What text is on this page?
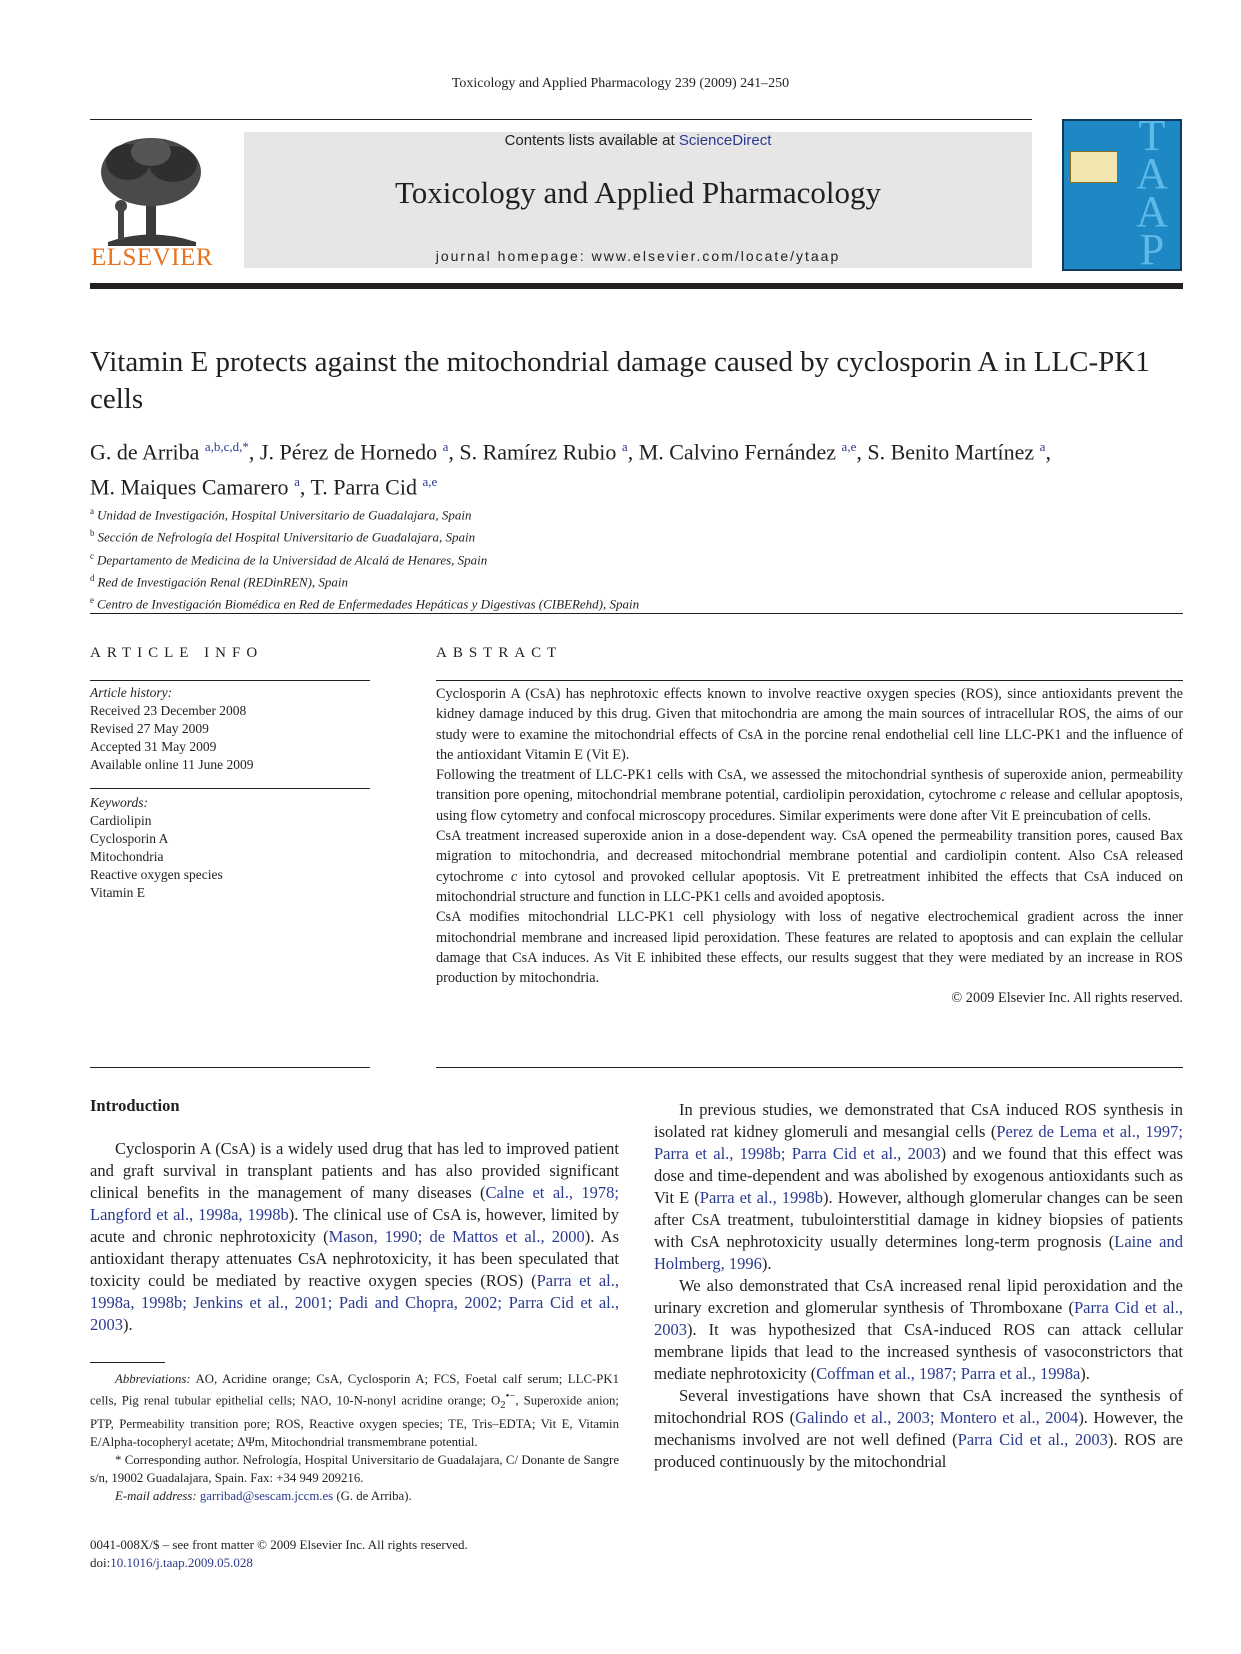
Toxicology and Applied Pharmacology 239 (2009) 241–250
ELSEVIER
Contents lists available at ScienceDirect
Toxicology and Applied Pharmacology
journal homepage: www.elsevier.com/locate/ytaap
TAAP
Vitamin E protects against the mitochondrial damage caused by cyclosporin A in LLC-PK1 cells
G. de Arriba $^{a,b,c,d,*}$, J. Pérez de Hornedo $^a$, S. Ramírez Rubio $^a$, M. Calvino Fernández $^{a,e}$, S. Benito Martínez $^a$,
M. Maiques Camarero $^a$, T. Parra Cid $^{a,e}$
$^a$ Unidad de Investigación, Hospital Universitario de Guadalajara, Spain
$^b$ Sección de Nefrología del Hospital Universitario de Guadalajara, Spain
$^c$ Departamento de Medicina de la Universidad de Alcalá de Henares, Spain
$^d$ Red de Investigación Renal (REDinREN), Spain
$^e$ Centro de Investigación Biomédica en Red de Enfermedades Hepáticas y Digestivas (CIBERehd), Spain
ARTICLE INFO	ABSTRACT
Article history:
Received 23 December 2008
Revised 27 May 2009
Accepted 31 May 2009
Available online 11 June 2009
Keywords:
Cardiolipin
Cyclosporin A
Mitochondria
Reactive oxygen species
Vitamin E

Cyclosporin A (CsA) has nephrotoxic effects known to involve reactive oxygen species (ROS), since antioxidants prevent the kidney damage induced by this drug. Given that mitochondria are among the main sources of intracellular ROS, the aims of our study were to examine the mitochondrial effects of CsA in the porcine renal endothelial cell line LLC-PK1 and the influence of the antioxidant Vitamin E (Vit E).

Following the treatment of LLC-PK1 cells with CsA, we assessed the mitochondrial synthesis of superoxide anion, permeability transition pore opening, mitochondrial membrane potential, cardiolipin peroxidation, cytochrome c release and cellular apoptosis, using flow cytometry and confocal microscopy procedures. Similar experiments were done after Vit E preincubation of cells.

CsA treatment increased superoxide anion in a dose-dependent way. CsA opened the permeability transition pores, caused Bax migration to mitochondria, and decreased mitochondrial membrane potential and cardiolipin content. Also CsA released cytochrome c into cytosol and provoked cellular apoptosis. Vit E pretreatment inhibited the effects that CsA induced on mitochondrial structure and function in LLC-PK1 cells and avoided apoptosis.

CsA modifies mitochondrial LLC-PK1 cell physiology with loss of negative electrochemical gradient across the inner mitochondrial membrane and increased lipid peroxidation. These features are related to apoptosis and can explain the cellular damage that CsA induces. As Vit E inhibited these effects, our results suggest that they were mediated by an increase in ROS production by mitochondria.

© 2009 Elsevier Inc. All rights reserved.

Introduction

Cyclosporin A (CsA) is a widely used drug that has led to improved patient and graft survival in transplant patients and has also provided significant clinical benefits in the management of many diseases (Calne et al., 1978; Langford et al., 1998a, 1998b). The clinical use of CsA is, however, limited by acute and chronic nephrotoxicity (Mason, 1990; de Mattos et al., 2000). As antioxidant therapy attenuates CsA nephrotoxicity, it has been speculated that toxicity could be mediated by reactive oxygen species (ROS) (Parra et al., 1998a, 1998b; Jenkins et al., 2001; Padi and Chopra, 2002; Parra Cid et al., 2003).

Abbreviations: AO, Acridine orange; CsA, Cyclosporin A; FCS, Foetal calf serum; LLC-PK1 cells, Pig renal tubular epithelial cells; NAO, 10-N-nonyl acridine orange; $O_2^{•-}$, Superoxide anion; PTP, Permeability transition pore; ROS, Reactive oxygen species; TE, Tris–EDTA; Vit E, Vitamin E/Alpha-tocopheryl acetate; ΔΨm, Mitochondrial transmembrane potential.

* Corresponding author. Nefrología, Hospital Universitario de Guadalajara, C/ Donante de Sangre s/n, 19002 Guadalajara, Spain. Fax: +34 949 209216.

E-mail address: garribad@sescam.jccm.es (G. de Arriba).

0041-008X/$ – see front matter © 2009 Elsevier Inc. All rights reserved.
doi:10.1016/j.taap.2009.05.028

In previous studies, we demonstrated that CsA induced ROS synthesis in isolated rat kidney glomeruli and mesangial cells (Perez de Lema et al., 1997; Parra et al., 1998b; Parra Cid et al., 2003) and we found that this effect was dose and time-dependent and was abolished by exogenous antioxidants such as Vit E (Parra et al., 1998b). However, although glomerular changes can be seen after CsA treatment, tubulointerstitial damage in kidney biopsies of patients with CsA nephrotoxicity usually determines long-term prognosis (Laine and Holmberg, 1996).

We also demonstrated that CsA increased renal lipid peroxidation and the urinary excretion and glomerular synthesis of Thromboxane (Parra Cid et al., 2003). It was hypothesized that CsA-induced ROS can attack cellular membrane lipids that lead to the increased synthesis of vasoconstrictors that mediate nephrotoxicity (Coffman et al., 1987; Parra et al., 1998a).

Several investigations have shown that CsA increased the synthesis of mitochondrial ROS (Galindo et al., 2003; Montero et al., 2004). However, the mechanisms involved are not well defined (Parra Cid et al., 2003). ROS are produced continuously by the mitochondrial
